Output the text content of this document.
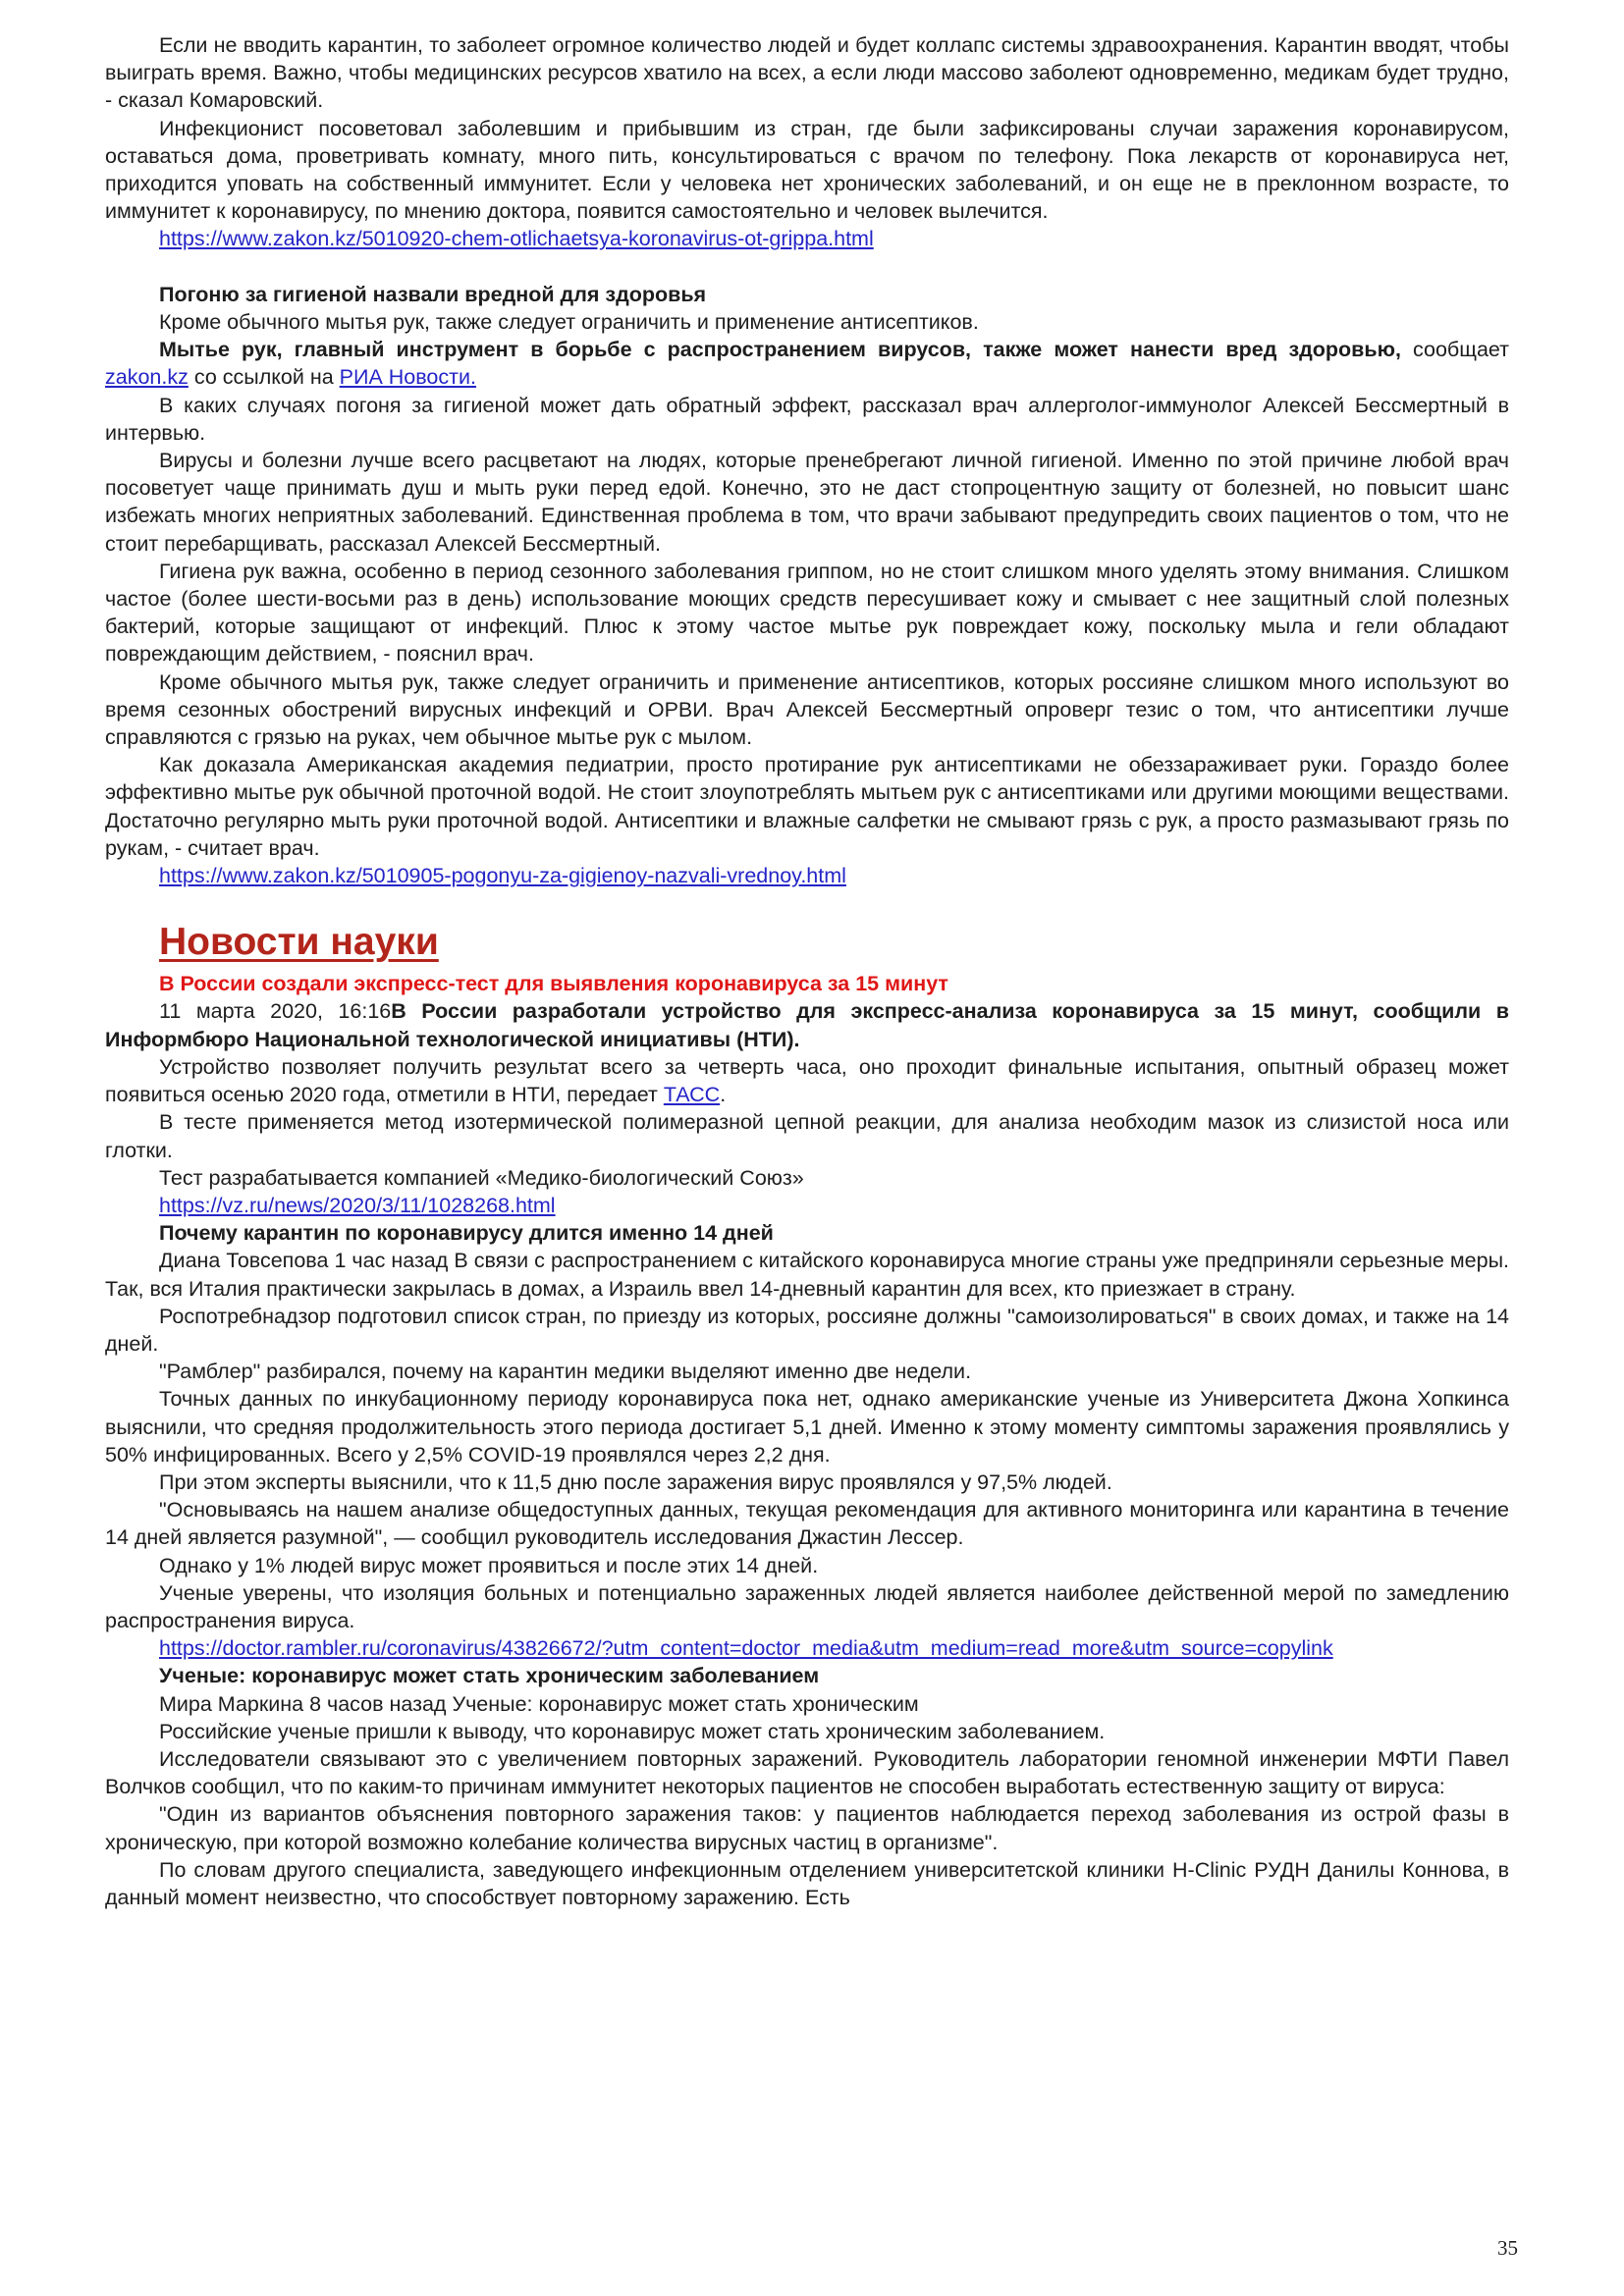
Если не вводить карантин, то заболеет огромное количество людей и будет коллапс системы здравоохранения. Карантин вводят, чтобы выиграть время. Важно, чтобы медицинских ресурсов хватило на всех, а если люди массово заболеют одновременно, медикам будет трудно, - сказал Комаровский.
Инфекционист посоветовал заболевшим и прибывшим из стран, где были зафиксированы случаи заражения коронавирусом, оставаться дома, проветривать комнату, много пить, консультироваться с врачом по телефону. Пока лекарств от коронавируса нет, приходится уповать на собственный иммунитет. Если у человека нет хронических заболеваний, и он еще не в преклонном возрасте, то иммунитет к коронавирусу, по мнению доктора, появится самостоятельно и человек вылечится.
https://www.zakon.kz/5010920-chem-otlichaetsya-koronavirus-ot-grippa.html
Погоню за гигиеной назвали вредной для здоровья
Кроме обычного мытья рук, также следует ограничить и применение антисептиков.
Мытье рук, главный инструмент в борьбе с распространением вирусов, также может нанести вред здоровью, сообщает zakon.kz со ссылкой на РИА Новости.
В каких случаях погоня за гигиеной может дать обратный эффект, рассказал врач аллерголог-иммунолог Алексей Бессмертный в интервью.
Вирусы и болезни лучше всего расцветают на людях, которые пренебрегают личной гигиеной. Именно по этой причине любой врач посоветует чаще принимать душ и мыть руки перед едой. Конечно, это не даст стопроцентную защиту от болезней, но повысит шанс избежать многих неприятных заболеваний. Единственная проблема в том, что врачи забывают предупредить своих пациентов о том, что не стоит перебарщивать, рассказал Алексей Бессмертный.
Гигиена рук важна, особенно в период сезонного заболевания гриппом, но не стоит слишком много уделять этому внимания. Слишком частое (более шести-восьми раз в день) использование моющих средств пересушивает кожу и смывает с нее защитный слой полезных бактерий, которые защищают от инфекций. Плюс к этому частое мытье рук повреждает кожу, поскольку мыла и гели обладают повреждающим действием, - пояснил врач.
Кроме обычного мытья рук, также следует ограничить и применение антисептиков, которых россияне слишком много используют во время сезонных обострений вирусных инфекций и ОРВИ. Врач Алексей Бессмертный опроверг тезис о том, что антисептики лучше справляются с грязью на руках, чем обычное мытье рук с мылом.
Как доказала Американская академия педиатрии, просто протирание рук антисептиками не обеззараживает руки. Гораздо более эффективно мытье рук обычной проточной водой. Не стоит злоупотреблять мытьем рук с антисептиками или другими моющими веществами. Достаточно регулярно мыть руки проточной водой. Антисептики и влажные салфетки не смывают грязь с рук, а просто размазывают грязь по рукам, - считает врач.
https://www.zakon.kz/5010905-pogonyu-za-gigienoy-nazvali-vrednoy.html
Новости науки
В России создали экспресс-тест для выявления коронавируса за 15 минут
11 марта 2020, 16:16В России разработали устройство для экспресс-анализа коронавируса за 15 минут, сообщили в Информбюро Национальной технологической инициативы (НТИ).
Устройство позволяет получить результат всего за четверть часа, оно проходит финальные испытания, опытный образец может появиться осенью 2020 года, отметили в НТИ, передает ТАСС.
В тесте применяется метод изотермической полимеразной цепной реакции, для анализа необходим мазок из слизистой носа или глотки.
Тест разрабатывается компанией «Медико-биологический Союз»
https://vz.ru/news/2020/3/11/1028268.html
Почему карантин по коронавирусу длится именно 14 дней
Диана Товсепова 1 час назад В связи с распространением с китайского коронавируса многие страны уже предприняли серьезные меры. Так, вся Италия практически закрылась в домах, а Израиль ввел 14-дневный карантин для всех, кто приезжает в страну.
Роспотребнадзор подготовил список стран, по приезду из которых, россияне должны "самоизолироваться" в своих домах, и также на 14 дней.
"Рамблер" разбирался, почему на карантин медики выделяют именно две недели.
Точных данных по инкубационному периоду коронавируса пока нет, однако американские ученые из Университета Джона Хопкинса выяснили, что средняя продолжительность этого периода достигает 5,1 дней. Именно к этому моменту симптомы заражения проявлялись у 50% инфицированных. Всего у 2,5% COVID-19 проявлялся через 2,2 дня.
При этом эксперты выяснили, что к 11,5 дню после заражения вирус проявлялся у 97,5% людей.
"Основываясь на нашем анализе общедоступных данных, текущая рекомендация для активного мониторинга или карантина в течение 14 дней является разумной", — сообщил руководитель исследования Джастин Лессер.
Однако у 1% людей вирус может проявиться и после этих 14 дней.
Ученые уверены, что изоляция больных и потенциально зараженных людей является наиболее действенной мерой по замедлению распространения вируса.
https://doctor.rambler.ru/coronavirus/43826672/?utm_content=doctor_media&utm_medium=read_more&utm_source=copylink
Ученые: коронавирус может стать хроническим заболеванием
Мира Маркина 8 часов назад Ученые: коронавирус может стать хроническим
Российские ученые пришли к выводу, что коронавирус может стать хроническим заболеванием.
Исследователи связывают это с увеличением повторных заражений. Руководитель лаборатории геномной инженерии МФТИ Павел Волчков сообщил, что по каким-то причинам иммунитет некоторых пациентов не способен выработать естественную защиту от вируса:
"Один из вариантов объяснения повторного заражения таков: у пациентов наблюдается переход заболевания из острой фазы в хроническую, при которой возможно колебание количества вирусных частиц в организме".
По словам другого специалиста, заведующего инфекционным отделением университетской клиники H-Clinic РУДН Данилы Коннова, в данный момент неизвестно, что способствует повторному заражению. Есть
35
